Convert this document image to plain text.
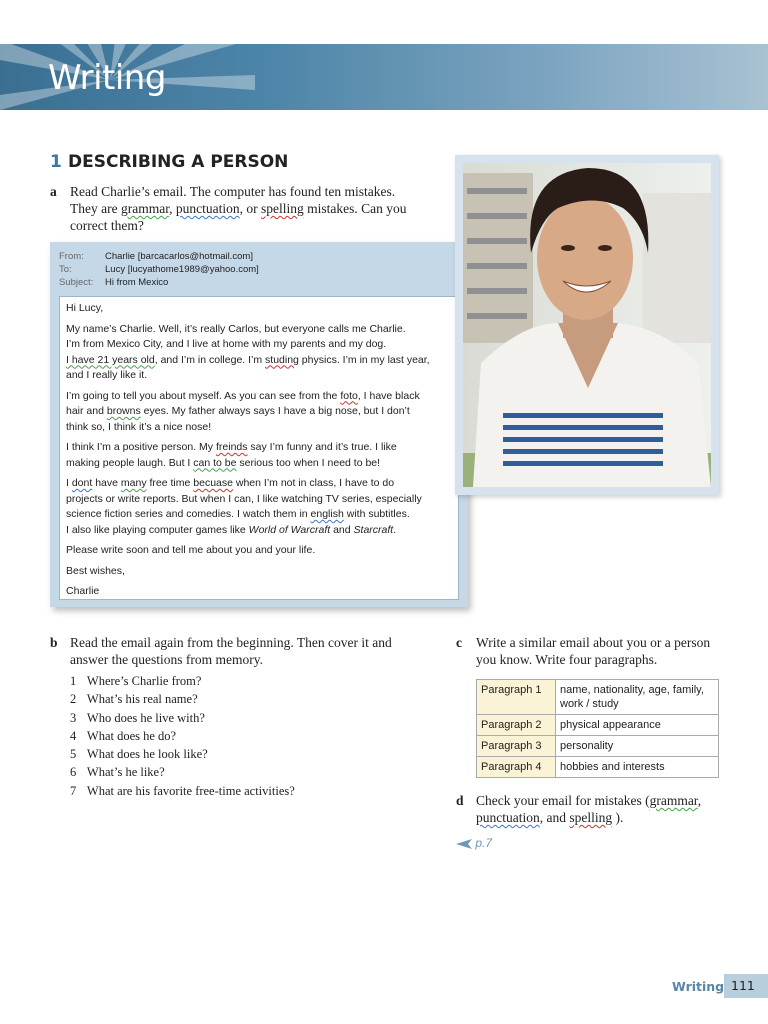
Writing
1 DESCRIBING A PERSON
a Read Charlie’s email. The computer has found ten mistakes.
They are grammar, punctuation, or spelling mistakes. Can you
correct them?
From: Charlie [barcacarlos@hotmail.com]
To:	Lucy [lucyathome1989@yahoo.com]
Subject: Hi from Mexico

Hi Lucy,

My name’s Charlie. Well, it’s really Carlos, but everyone calls me Charlie.
I’m from Mexico City, and I live at home with my parents and my dog.
I have 21 years old, and I’m in college. I’m studing physics. I’m in my last year,
and I really like it.

I’m going to tell you about myself. As you can see from the foto, I have black
hair and browns eyes. My father always says I have a big nose, but I don’t
think so, I think it’s a nice nose!

I think I’m a positive person. My freinds say I’m funny and it’s true. I like
making people laugh. But I can to be serious too when I need to be!

I dont have many free time becuase when I’m not in class, I have to do
projects or write reports. But when I can, I like watching TV series, especially
science fiction series and comedies. I watch them in english with subtitles.
I also like playing computer games like World of Warcraft and Starcraft.

Please write soon and tell me about you and your life.

Best wishes,

Charlie

b Read the email again from the beginning. Then cover it and
answer the questions from memory.
1 Where’s Charlie from?
2 What’s his real name?
3 Who does he live with?
4 What does he do?
5 What does he look like?
6 What’s he like?
7 What are his favorite free-time activities?
c Write a similar email about you or a person
you know. Write four paragraphs.
Paragraph 1	name, nationality, age, family, work / study
Paragraph 2	physical appearance
Paragraph 3	personality
Paragraph 4	hobbies and interests
d Check your email for mistakes (grammar,
punctuation, and spelling ).
p.7
Writing 111
